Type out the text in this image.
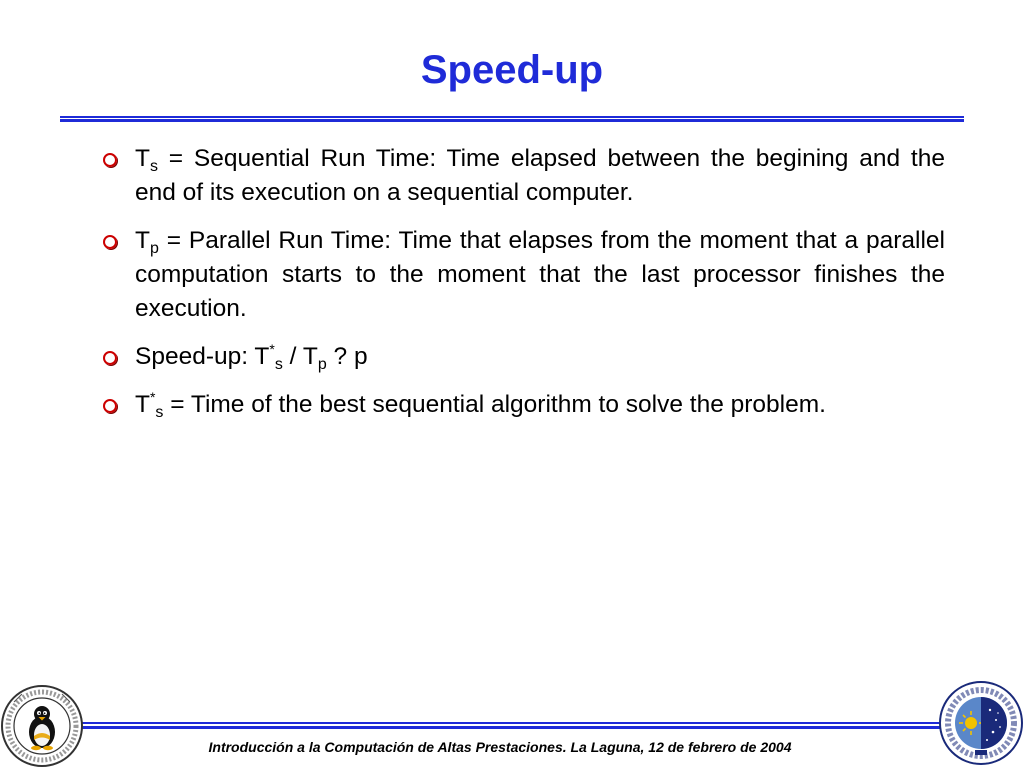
Speed-up
$T_s$ = Sequential Run Time: Time elapsed between the begining and the end of its execution on a sequential computer.
$T_p$ = Parallel Run Time: Time that elapses from the moment that a parallel computation starts to the moment that the last processor finishes the execution.
Speed-up: $T^*_s / T_p$ ? p
$T^*_s$ = Time of the best sequential algorithm to solve the problem.
Introducción a la Computación de Altas Prestaciones. La Laguna, 12 de febrero de 2004
